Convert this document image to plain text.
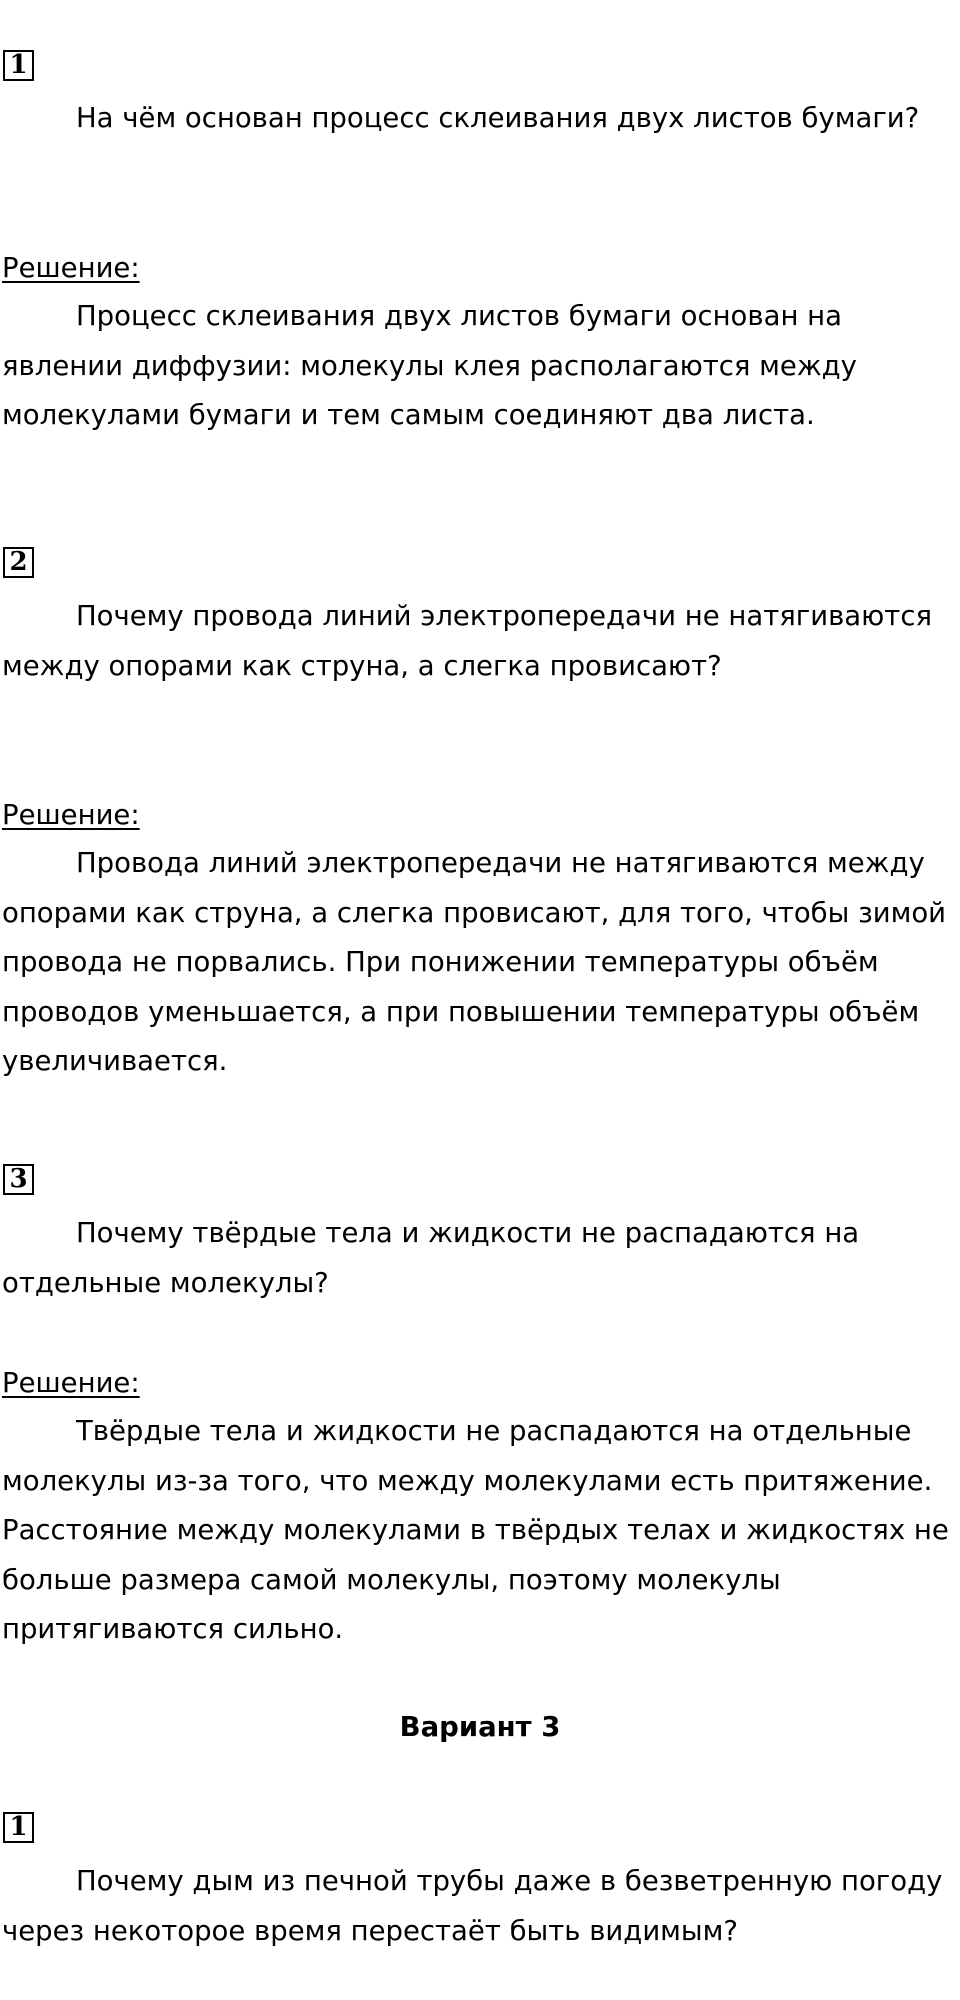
1

На чём основан процесс склеивания двух листов бумаги?

Решение:

Процесс склеивания двух листов бумаги основан на явлении диффузии: молекулы клея располагаются между молекулами бумаги и тем самым соединяют два листа.

2

Почему провода линий электропередачи не натягиваются между опорами как струна, а слегка провисают?

Решение:

Провода линий электропередачи не натягиваются между опорами как струна, а слегка провисают, для того, чтобы зимой провода не порвались. При понижении температуры объём проводов уменьшается, а при повышении температуры объём увеличивается.

3

Почему твёрдые тела и жидкости не распадаются на отдельные молекулы?

Решение:

Твёрдые тела и жидкости не распадаются на отдельные молекулы из-за того, что между молекулами есть притяжение. Расстояние между молекулами в твёрдых телах и жидкостях не больше размера самой молекулы, поэтому молекулы притягиваются сильно.

Вариант 3

1

Почему дым из печной трубы даже в безветренную погоду через некоторое время перестаёт быть видимым?
